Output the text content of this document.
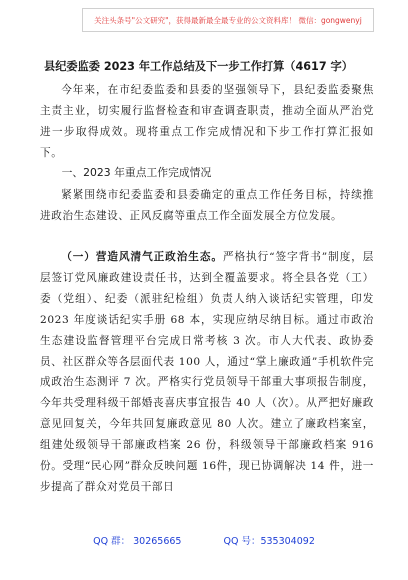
关注头条号"公文研究"，获得最新最全最专业的公文资料库！ 微信：gongwenyj
县纪委监委 2023 年工作总结及下一步工作打算（4617 字）
今年来，在市纪委监委和县委的坚强领导下，县纪委监委聚焦主责主业，切实履行监督检查和审查调查职责，推动全面从严治党进一步取得成效。现将重点工作完成情况和下步工作打算汇报如下。
一、2023 年重点工作完成情况
紧紧围绕市纪委监委和县委确定的重点工作任务目标，持续推进政治生态建设、正风反腐等重点工作全面发展全方位发展。
（一）营造风清气正政治生态。严格执行“签字背书”制度，层层签订党风廉政建设责任书，达到全覆盖要求。将全县各党（工）委（党组）、纪委（派驻纪检组）负责人纳入谈话纪实管理，印发 2023 年度谈话纪实手册 68 本，实现应纳尽纳目标。通过市政治生态建设监督管理平台完成日常考核 3 次。市人大代表、政协委员、社区群众等各层面代表 100 人，通过“掌上廉政通”手机软件完成政治生态测评 7 次。严格实行党员领导干部重大事项报告制度，今年共受理科级干部婚丧喜庆事宜报告 40 人（次）。从严把好廉政意见回复关，今年共回复廉政意见 80 人次。建立了廉政档案室，组建处级领导干部廉政档案 26 份，科级领导干部廉政档案 916 份。受理“民心网”群众反映问题 16件，现已协调解决 14 件，进一步提高了群众对党员干部日
QQ 群： 30265665	QQ 号：535304092
